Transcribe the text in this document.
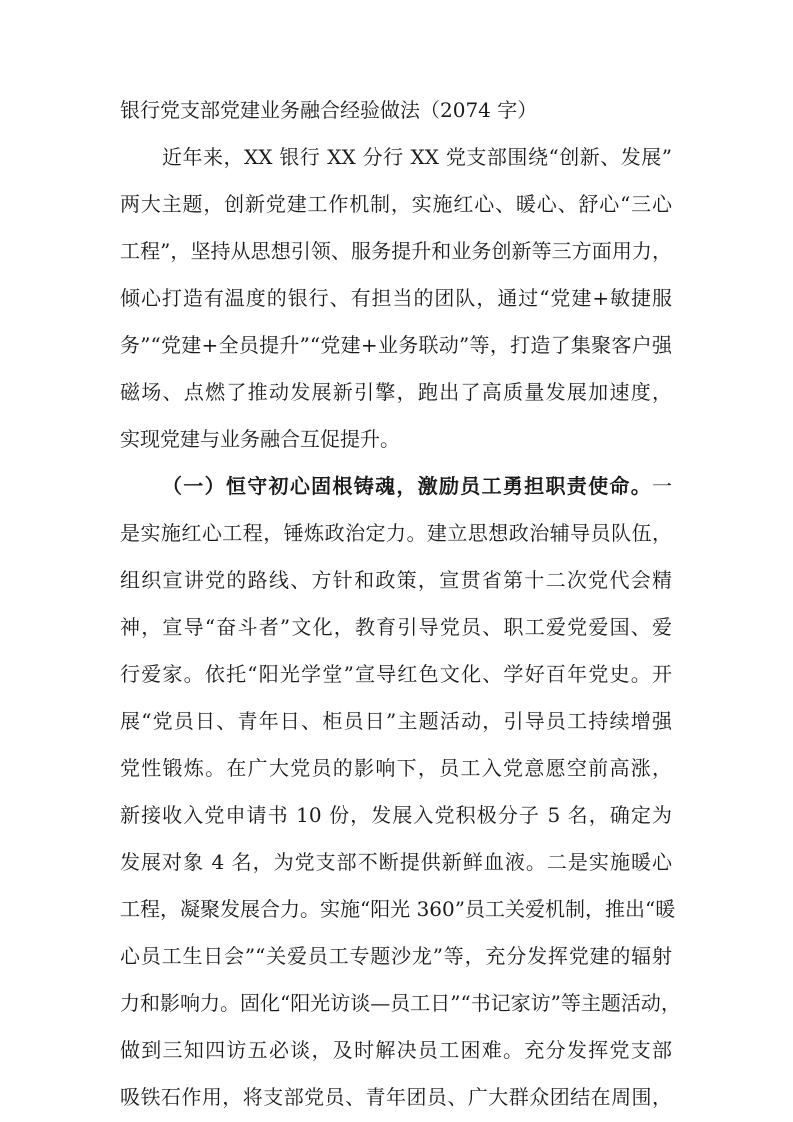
银行党支部党建业务融合经验做法（2074 字）
近年来，XX 银行 XX 分行 XX 党支部围绕“创新、发展”
两大主题，创新党建工作机制，实施红心、暖心、舒心“三心
工程”，坚持从思想引领、服务提升和业务创新等三方面用力，
倾心打造有温度的银行、有担当的团队，通过“党建+敏捷服
务”“党建+全员提升”“党建+业务联动”等，打造了集聚客户强
磁场、点燃了推动发展新引擎，跑出了高质量发展加速度，
实现党建与业务融合互促提升。
（一）恒守初心固根铸魂，激励员工勇担职责使命。一
是实施红心工程，锤炼政治定力。建立思想政治辅导员队伍，
组织宣讲党的路线、方针和政策，宣贯省第十二次党代会精
神，宣导“奋斗者”文化，教育引导党员、职工爱党爱国、爱
行爱家。依托“阳光学堂”宣导红色文化、学好百年党史。开
展“党员日、青年日、柜员日”主题活动，引导员工持续增强
党性锻炼。在广大党员的影响下，员工入党意愿空前高涨，
新接收入党申请书 10 份，发展入党积极分子 5 名，确定为
发展对象 4 名，为党支部不断提供新鲜血液。二是实施暖心
工程，凝聚发展合力。实施“阳光 360”员工关爱机制，推出“暖
心员工生日会”“关爱员工专题沙龙”等，充分发挥党建的辐射
力和影响力。固化“阳光访谈—员工日”“书记家访”等主题活动，
做到三知四访五必谈，及时解决员工困难。充分发挥党支部
吸铁石作用，将支部党员、青年团员、广大群众团结在周围，
